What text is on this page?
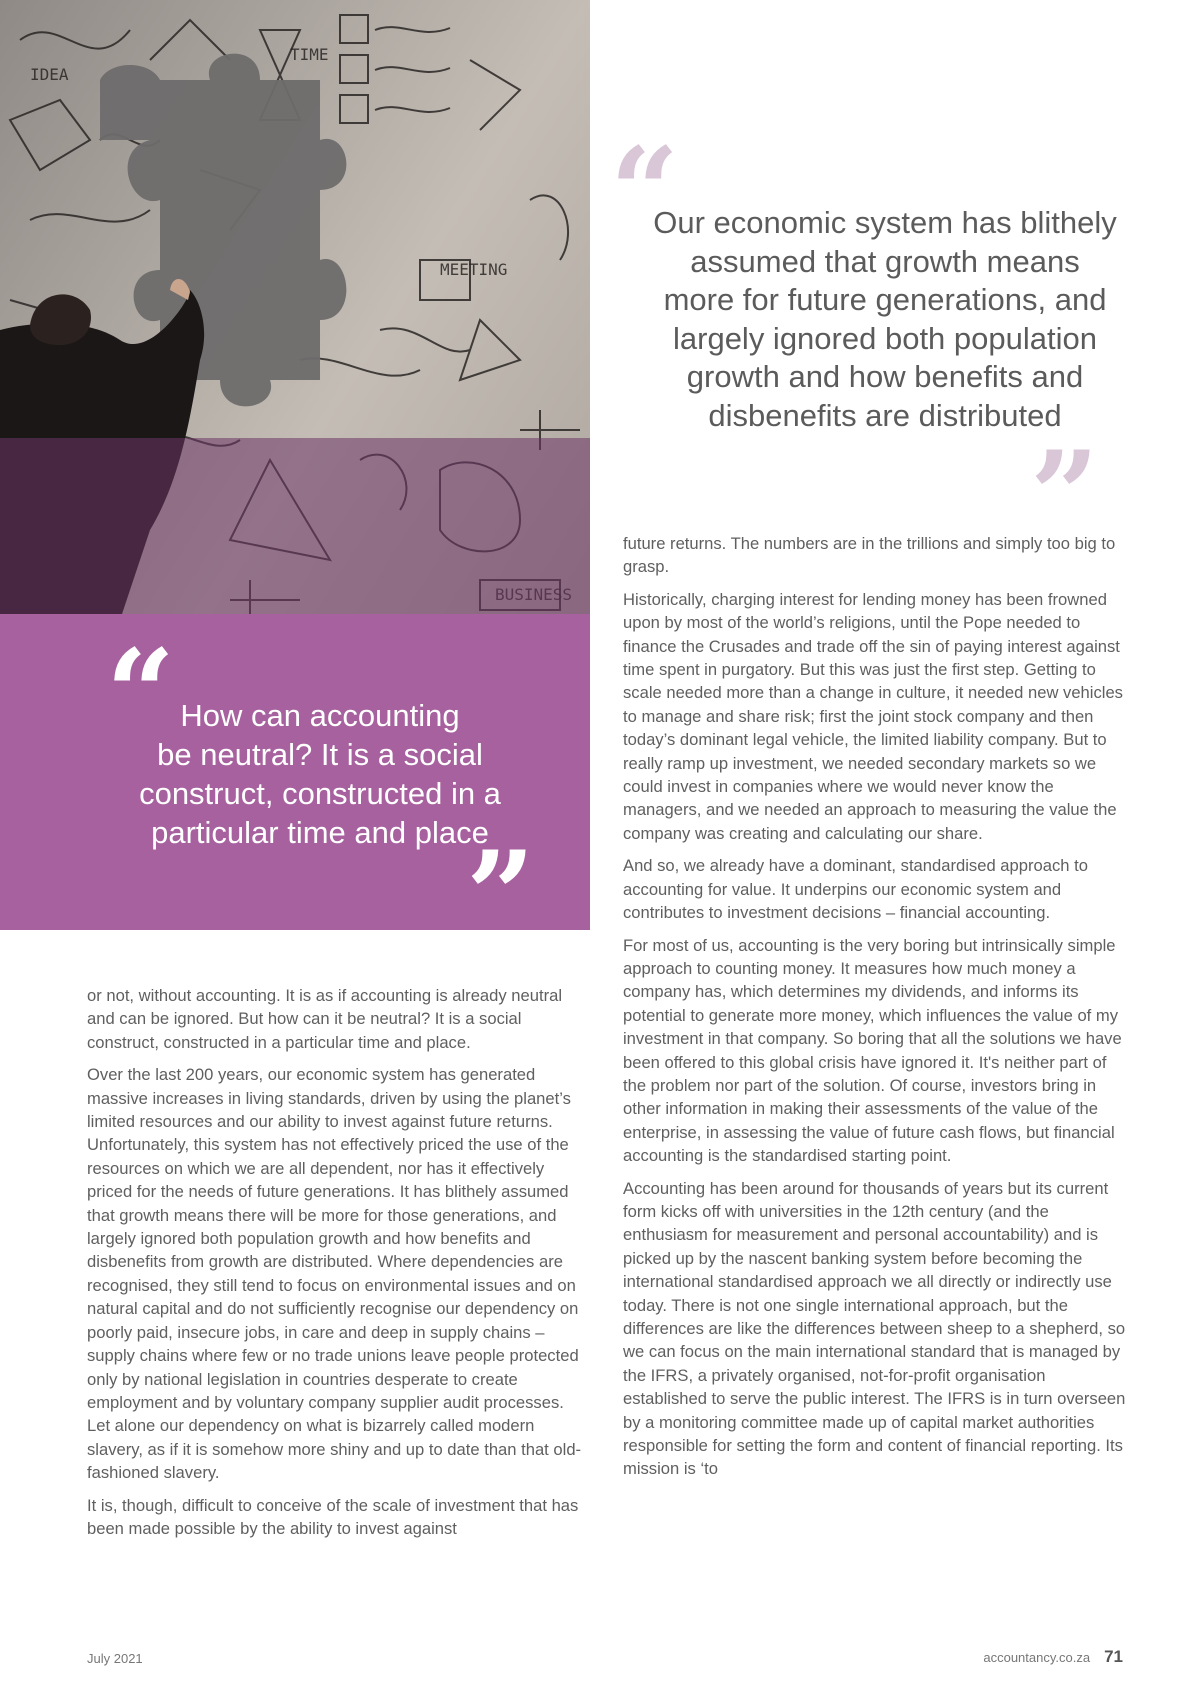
MEETING
IDEA
TIME
“ How can accounting
be neutral? It is a social
construct, constructed in a
particular time and place
”
“
Our economic system has blithely
assumed that growth means
more for future generations, and
largely ignored both population
growth and how benefits and
disbenefits are distributed
”

or not, without accounting. It is as if accounting is already neutral and can be ignored. But how can it be neutral? It is a social construct, constructed in a particular time and place.

Over the last 200 years, our economic system has generated massive increases in living standards, driven by using the planet’s limited resources and our ability to invest against future returns. Unfortunately, this system has not effectively priced the use of the resources on which we are all dependent, nor has it effectively priced for the needs of future generations. It has blithely assumed that growth means there will be more for those generations, and largely ignored both population growth and how benefits and disbenefits from growth are distributed. Where dependencies are recognised, they still tend to focus on environmental issues and on natural capital and do not sufficiently recognise our dependency on poorly paid, insecure jobs, in care and deep in supply chains – supply chains where few or no trade unions leave people protected only by national legislation in countries desperate to create employment and by voluntary company supplier audit processes. Let alone our dependency on what is bizarrely called modern slavery, as if it is somehow more shiny and up to date than that old-fashioned slavery.

It is, though, difficult to conceive of the scale of investment that has been made possible by the ability to invest against

future returns. The numbers are in the trillions and simply too big to grasp.

Historically, charging interest for lending money has been frowned upon by most of the world’s religions, until the Pope needed to finance the Crusades and trade off the sin of paying interest against time spent in purgatory. But this was just the first step. Getting to scale needed more than a change in culture, it needed new vehicles to manage and share risk; first the joint stock company and then today’s dominant legal vehicle, the limited liability company. But to really ramp up investment, we needed secondary markets so we could invest in companies where we would never know the managers, and we needed an approach to measuring the value the company was creating and calculating our share.

And so, we already have a dominant, standardised approach to accounting for value. It underpins our economic system and contributes to investment decisions – financial accounting.

For most of us, accounting is the very boring but intrinsically simple approach to counting money. It measures how much money a company has, which determines my dividends, and informs its potential to generate more money, which influences the value of my investment in that company. So boring that all the solutions we have been offered to this global crisis have ignored it. It's neither part of the problem nor part of the solution. Of course, investors bring in other information in making their assessments of the value of the enterprise, in assessing the value of future cash flows, but financial accounting is the standardised starting point.

Accounting has been around for thousands of years but its current form kicks off with universities in the 12th century (and the enthusiasm for measurement and personal accountability) and is picked up by the nascent banking system before becoming the international standardised approach we all directly or indirectly use today. There is not one single international approach, but the differences are like the differences between sheep to a shepherd, so we can focus on the main international standard that is managed by the IFRS, a privately organised, not-for-profit organisation established to serve the public interest. The IFRS is in turn overseen by a monitoring committee made up of capital market authorities responsible for setting the form and content of financial reporting. Its mission is ‘to

July 2021	accountancy.co.za 71
